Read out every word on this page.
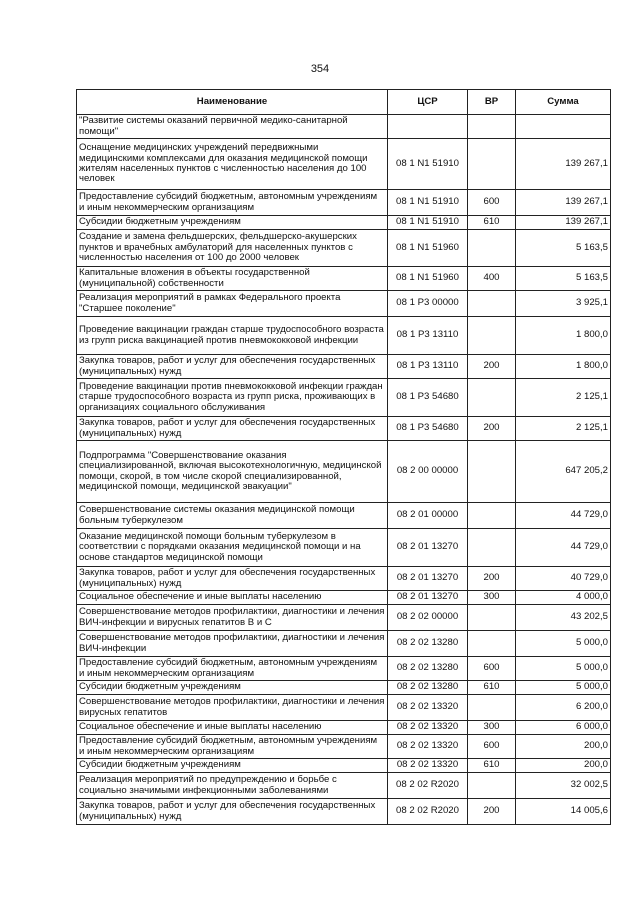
354
Наименование	ЦСР	ВР	Сумма
"Развитие системы оказаний первичной медико-санитарной помощи"			
Оснащение медицинских учреждений передвижными медицинскими комплексами для оказания медицинской помощи жителям населенных пунктов с численностью населения до 100 человек	08 1 N1 51910		139 267,1
Предоставление субсидий бюджетным, автономным учреждениям и иным некоммерческим организациям	08 1 N1 51910	600	139 267,1
Субсидии бюджетным учреждениям	08 1 N1 51910	610	139 267,1
Создание и замена фельдшерских, фельдшерско-акушерских пунктов и врачебных амбулаторий для населенных пунктов с численностью населения от 100 до 2000 человек	08 1 N1 51960		5 163,5
Капитальные вложения в объекты государственной (муниципальной) собственности	08 1 N1 51960	400	5 163,5
Реализация мероприятий в рамках Федерального проекта "Старшее поколение"	08 1 P3 00000		3 925,1
Проведение вакцинации граждан старше трудоспособного возраста из групп риска вакцинацией против пневмококковой инфекции	08 1 P3 13110		1 800,0
Закупка товаров, работ и услуг для обеспечения государственных (муниципальных) нужд	08 1 P3 13110	200	1 800,0
Проведение вакцинации против пневмококковой инфекции граждан старше трудоспособного возраста из групп риска, проживающих в организациях социального обслуживания	08 1 P3 54680		2 125,1
Закупка товаров, работ и услуг для обеспечения государственных (муниципальных) нужд	08 1 P3 54680	200	2 125,1
Подпрограмма "Совершенствование оказания специализированной, включая высокотехнологичную, медицинской помощи, скорой, в том числе скорой специализированной, медицинской помощи, медицинской эвакуации"	08 2 00 00000		647 205,2
Совершенствование системы оказания медицинской помощи больным туберкулезом	08 2 01 00000		44 729,0
Оказание медицинской помощи больным туберкулезом в соответствии с порядками оказания медицинской помощи и на основе стандартов медицинской помощи	08 2 01 13270		44 729,0
Закупка товаров, работ и услуг для обеспечения государственных (муниципальных) нужд	08 2 01 13270	200	40 729,0
Социальное обеспечение и иные выплаты населению	08 2 01 13270	300	4 000,0
Совершенствование методов профилактики, диагностики и лечения ВИЧ-инфекции и вирусных гепатитов В и С	08 2 02 00000		43 202,5
Совершенствование методов профилактики, диагностики и лечения ВИЧ-инфекции	08 2 02 13280		5 000,0
Предоставление субсидий бюджетным, автономным учреждениям и иным некоммерческим организациям	08 2 02 13280	600	5 000,0
Субсидии бюджетным учреждениям	08 2 02 13280	610	5 000,0
Совершенствование методов профилактики, диагностики и лечения вирусных гепатитов	08 2 02 13320		6 200,0
Социальное обеспечение и иные выплаты населению	08 2 02 13320	300	6 000,0
Предоставление субсидий бюджетным, автономным учреждениям и иным некоммерческим организациям	08 2 02 13320	600	200,0
Субсидии бюджетным учреждениям	08 2 02 13320	610	200,0
Реализация мероприятий по предупреждению и борьбе с социально значимыми инфекционными заболеваниями	08 2 02 R2020		32 002,5
Закупка товаров, работ и услуг для обеспечения государственных (муниципальных) нужд	08 2 02 R2020	200	14 005,6
